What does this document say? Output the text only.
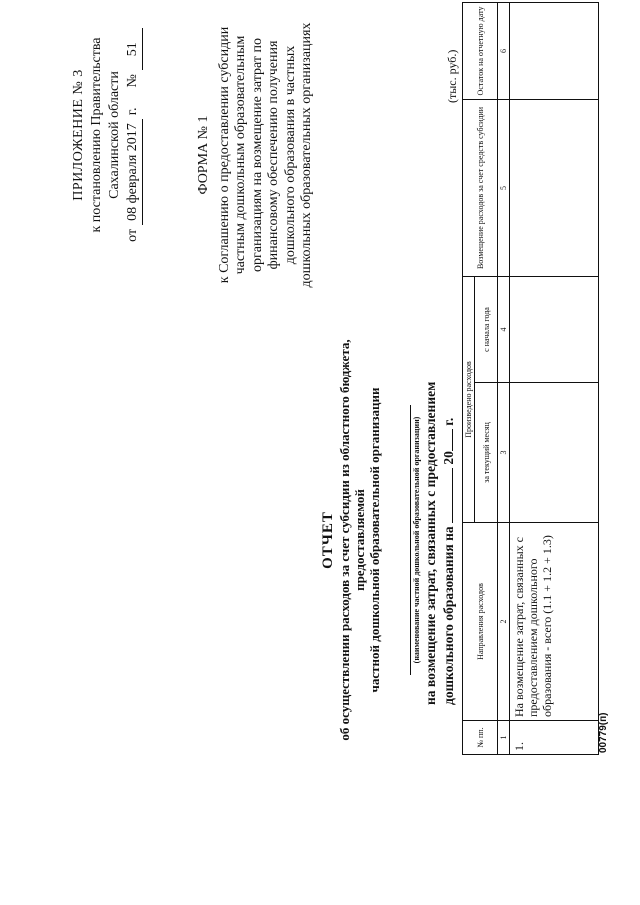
ПРИЛОЖЕНИЕ № 3 к постановлению Правительства Сахалинской области
от
08 февраля 2017
г.
№
51
ФОРМА № 1 к Соглашению о предоставлении субсидии частным дошкольным образовательным организациям на возмещение затрат по финансовому обеспечению получения дошкольного образования в частных дошкольных образовательных организациях
ОТЧЕТ об осуществлении расходов за счет субсидии из областного бюджета, предоставляемой частной дошкольной образовательной организации	(наименование частной дошкольной образовательной организации) на возмещение затрат, связанных с предоставлением дошкольного образования на  20 г.
(тыс. руб.)
№ пп.	Направления расходов	Произведено расходов		Возмещение расходов за счет средств субсидии	Остаток на отчетную дату
		за текущий месяц	с начала года		
1	2	3	4	5	6
1.	На возмещение затрат, связанных с предоставлением дошкольного образования - всего (1.1 + 1.2 + 1.3)				
00779(п)
